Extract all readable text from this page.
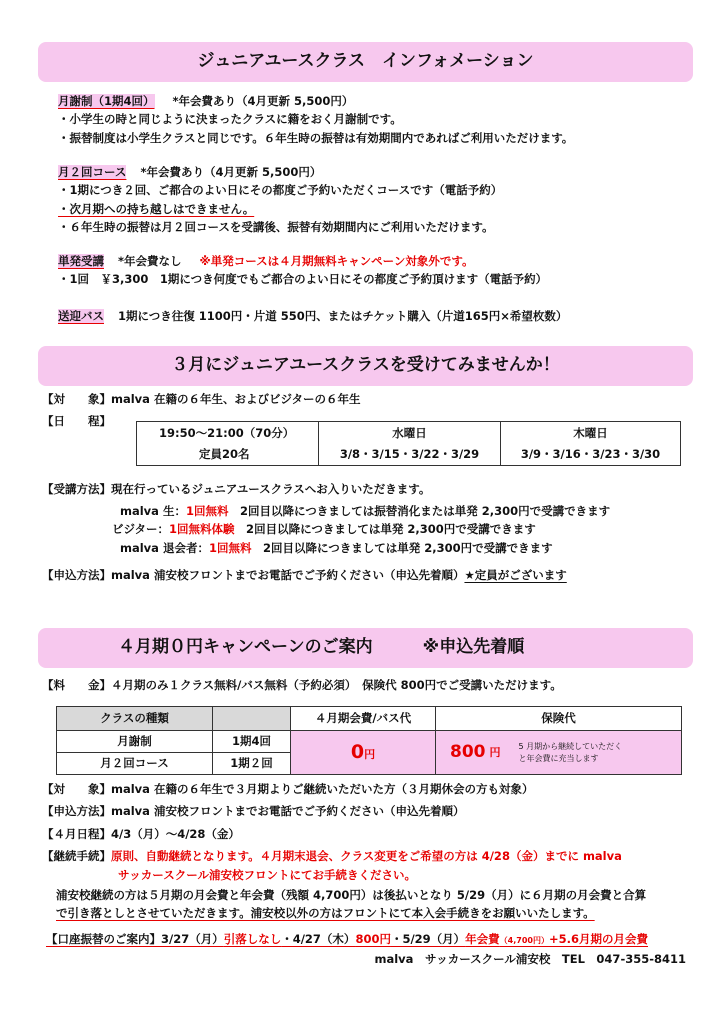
ジュニアユースクラス　インフォメーション
月謝制（1期4回） *年会費あり（4月更新 5,500円）
・小学生の時と同じように決まったクラスに籍をおく月謝制です。
・振替制度は小学生クラスと同じです。６年生時の振替は有効期間内であればご利用いただけます。
月２回コース *年会費あり（4月更新 5,500円）
・1期につき２回、ご都合のよい日にその都度ご予約いただくコースです（電話予約）
・次月期への持ち越しはできません。
・６年生時の振替は月２回コースを受講後、振替有効期間内にご利用いただけます。
単発受講 *年会費なし ※単発コースは４月期無料キャンペーン対象外です。
・1回　￥3,300　1期につき何度でもご都合のよい日にその都度ご予約頂けます（電話予約）
送迎バス 1期につき往復 1100円・片道 550円、またはチケット購入（片道165円×希望枚数）
３月にジュニアユースクラスを受けてみませんか！
【対　　象】malva 在籍の６年生、およびビジターの６年生
【日　　程】
19:50〜21:00（70分）	水曜日	木曜日
定員20名	3/8・3/15・3/22・3/29	3/9・3/16・3/23・3/30
【受講方法】現在行っているジュニアユースクラスへお入りいただきます。
malva 生：1回無料　2回目以降につきましては振替消化または単発 2,300円で受講できます
ビジター：1回無料体験　2回目以降につきましては単発 2,300円で受講できます
malva 退会者：1回無料　2回目以降につきましては単発 2,300円で受講できます
【申込方法】malva 浦安校フロントまでお電話でご予約ください（申込先着順）★定員がございます
４月期０円キャンペーンのご案内	※申込先着順
【料　　金】４月期のみ１クラス無料/バス無料（予約必須）　保険代 800円でご受講いただけます。
クラスの種類		４月期会費/バス代	保険代
月謝制	1期4回	0円	800 円 5 月期から継続していただく
と年会費に充当します

月２回コース	1期２回		
【対　　象】malva 在籍の６年生で３月期よりご継続いただいた方（３月期休会の方も対象）
【申込方法】malva 浦安校フロントまでお電話でご予約ください（申込先着順）
【４月日程】4/3（月）〜4/28（金）
【継続手続】原則、自動継続となります。４月期末退会、クラス変更をご希望の方は 4/28（金）までに malva
サッカースクール浦安校フロントにてお手続きください。
浦安校継続の方は５月期の月会費と年会費（残額 4,700円）は後払いとなり 5/29（月）に６月期の月会費と合算
で引き落としとさせていただきます。浦安校以外の方はフロントにて本入会手続きをお願いいたします。
【口座振替のご案内】3/27（月）引落しなし・4/27（木）800円・5/29（月）年会費（4,700円）+5.6月期の月会費
malva　サッカースクール浦安校　TEL　047-355-8411
